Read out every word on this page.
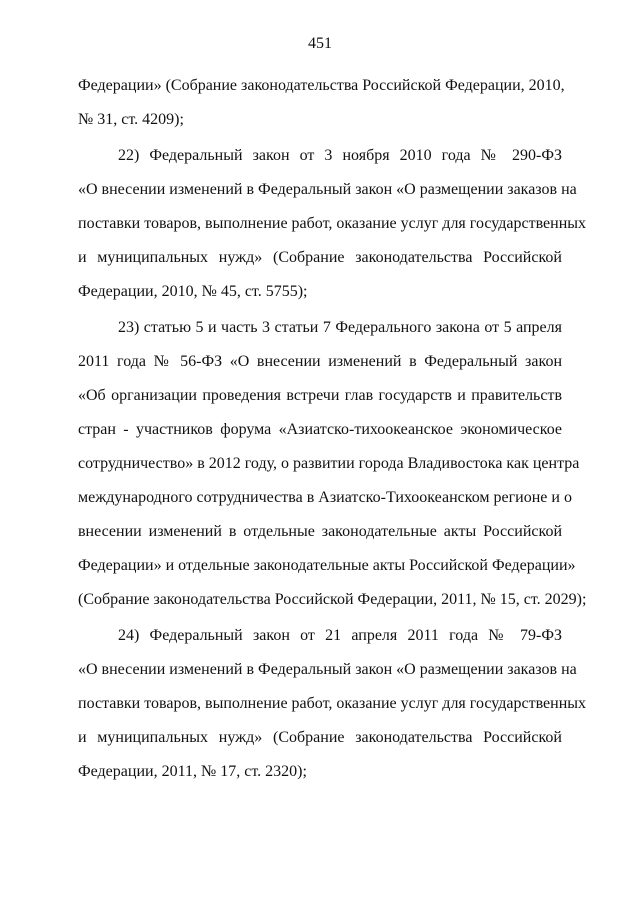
451
Федерации» (Собрание законодательства Российской Федерации, 2010,
№ 31, ст. 4209);
22) Федеральный закон от 3 ноября 2010 года № 290-ФЗ
«О внесении изменений в Федеральный закон «О размещении заказов на
поставки товаров, выполнение работ, оказание услуг для государственных
и муниципальных нужд» (Собрание законодательства Российской
Федерации, 2010, № 45, ст. 5755);
23) статью 5 и часть 3 статьи 7 Федерального закона от 5 апреля
2011 года № 56-ФЗ «О внесении изменений в Федеральный закон
«Об организации проведения встречи глав государств и правительств
стран - участников форума «Азиатско-тихоокеанское экономическое
сотрудничество» в 2012 году, о развитии города Владивостока как центра
международного сотрудничества в Азиатско-Тихоокеанском регионе и о
внесении изменений в отдельные законодательные акты Российской
Федерации» и отдельные законодательные акты Российской Федерации»
(Собрание законодательства Российской Федерации, 2011, № 15, ст. 2029);
24) Федеральный закон от 21 апреля 2011 года № 79-ФЗ
«О внесении изменений в Федеральный закон «О размещении заказов на
поставки товаров, выполнение работ, оказание услуг для государственных
и муниципальных нужд» (Собрание законодательства Российской
Федерации, 2011, № 17, ст. 2320);
